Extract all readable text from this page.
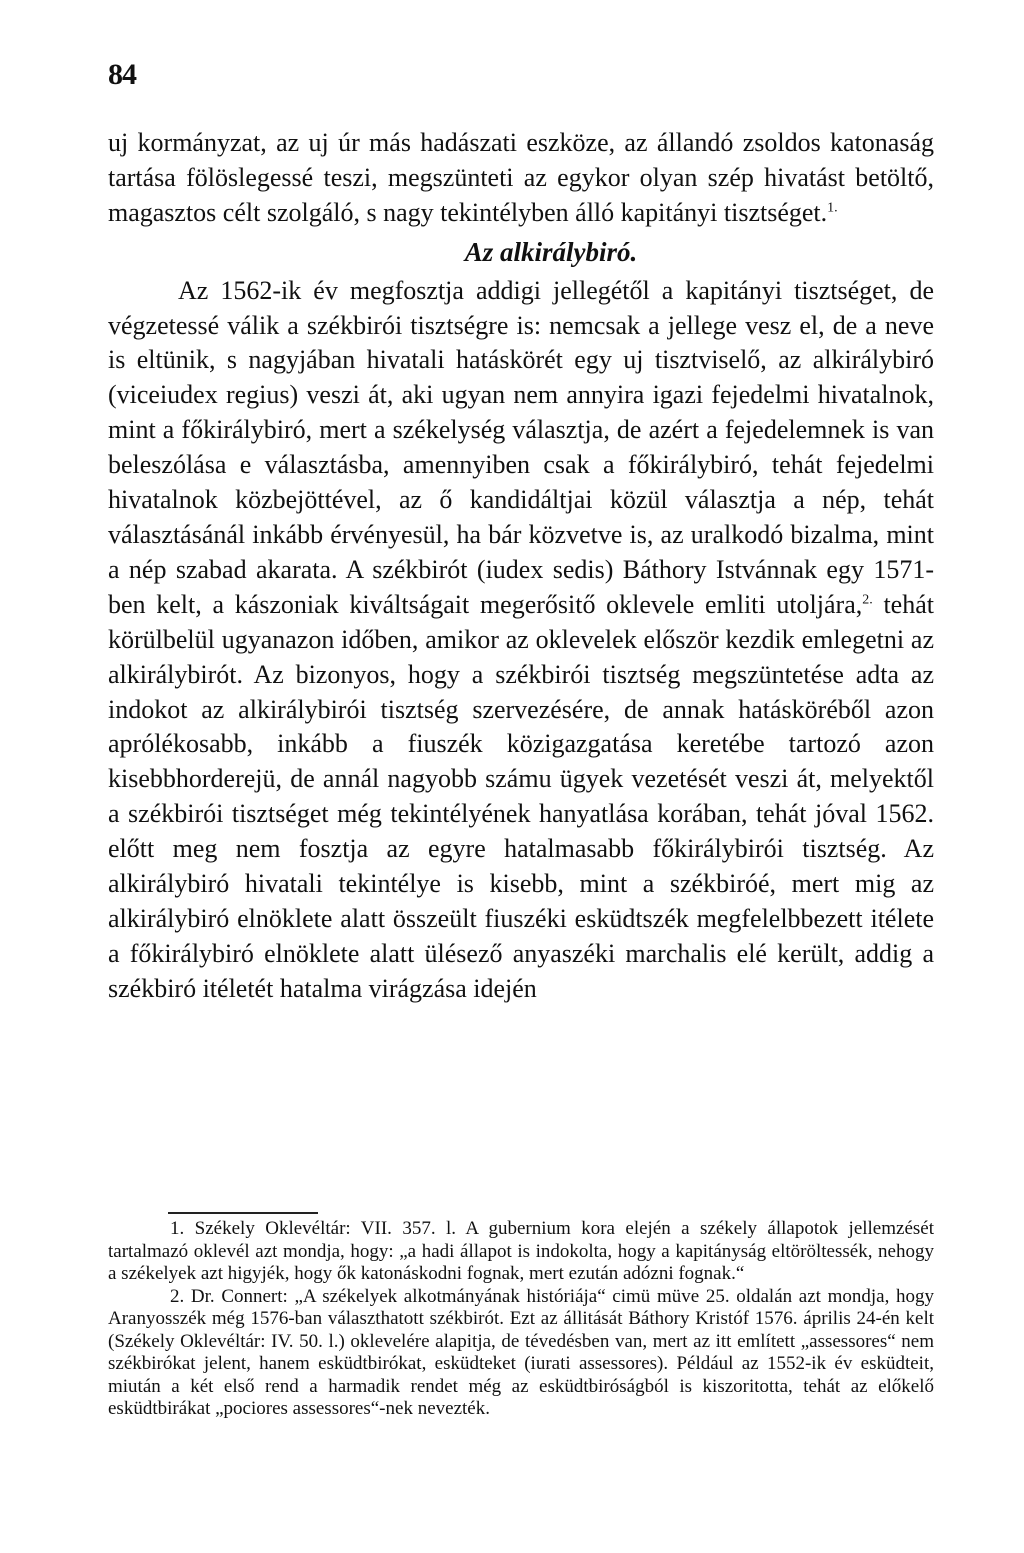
84

uj kormányzat, az uj úr más hadászati eszköze, az állandó zsoldos katonaság tartása fölöslegessé teszi, megszünteti az egykor olyan szép hivatást betöltő, magasztos célt szolgáló, s nagy tekintélyben álló kapitányi tisztséget.$^{1.}$

Az alkirálybiró.

Az 1562-ik év megfosztja addigi jellegétől a kapitányi tisztséget, de végzetessé válik a székbirói tisztségre is: nemcsak a jellege vesz el, de a neve is eltünik, s nagyjában hivatali hatáskörét egy uj tisztviselő, az alkirálybiró (viceiudex regius) veszi át, aki ugyan nem annyira igazi fejedelmi hivatalnok, mint a főkirálybiró, mert a székelység választja, de azért a fejedelemnek is van beleszólása e választásba, amennyiben csak a főkirálybiró, tehát fejedelmi hivatalnok közbejöttével, az ő kandidáltjai közül választja a nép, tehát választásánál inkább érvényesül, ha bár közvetve is, az uralkodó bizalma, mint a nép szabad akarata. A székbirót (iudex sedis) Báthory Istvánnak egy 1571-ben kelt, a kászoniak kiváltságait megerősitő oklevele emliti utoljára,$^{2.}$ tehát körülbelül ugyanazon időben, amikor az oklevelek először kezdik emlegetni az alkirálybirót. Az bizonyos, hogy a székbirói tisztség megszüntetése adta az indokot az alkirálybirói tisztség szervezésére, de annak hatásköréből azon aprólékosabb, inkább a fiuszék közigazgatása keretébe tartozó azon kisebbhorderejü, de annál nagyobb számu ügyek vezetését veszi át, melyektől a székbirói tisztséget még tekintélyének hanyatlása korában, tehát jóval 1562. előtt meg nem fosztja az egyre hatalmasabb főkirálybirói tisztség. Az alkirálybiró hivatali tekintélye is kisebb, mint a székbiróé, mert mig az alkirálybiró elnöklete alatt összeült fiuszéki esküdtszék megfelelbbezett itélete a főkirálybiró elnöklete alatt ülésező anyaszéki marchalis elé került, addig a székbiró itéletét hatalma virágzása idején

1. Székely Oklevéltár: VII. 357. l. A gubernium kora elején a székely állapotok jellemzését tartalmazó oklevél azt mondja, hogy: „a hadi állapot is indokolta, hogy a kapitányság eltöröltessék, nehogy a székelyek azt higyjék, hogy ők katonáskodni fognak, mert ezután adózni fognak.“

2. Dr. Connert: „A székelyek alkotmányának históriája“ cimü müve 25. oldalán azt mondja, hogy Aranyosszék még 1576-ban választhatott székbirót. Ezt az állitását Báthory Kristóf 1576. április 24-én kelt (Székely Oklevéltár: IV. 50. l.) oklevelére alapitja, de tévedésben van, mert az itt említett „assessores“ nem székbirókat jelent, hanem esküdtbirókat, esküdteket (iurati assessores). Például az 1552-ik év esküdteit, miután a két első rend a harmadik rendet még az esküdtbiróságból is kiszoritotta, tehát az előkelő esküdtbirákat „pociores assessores“-nek nevezték.
